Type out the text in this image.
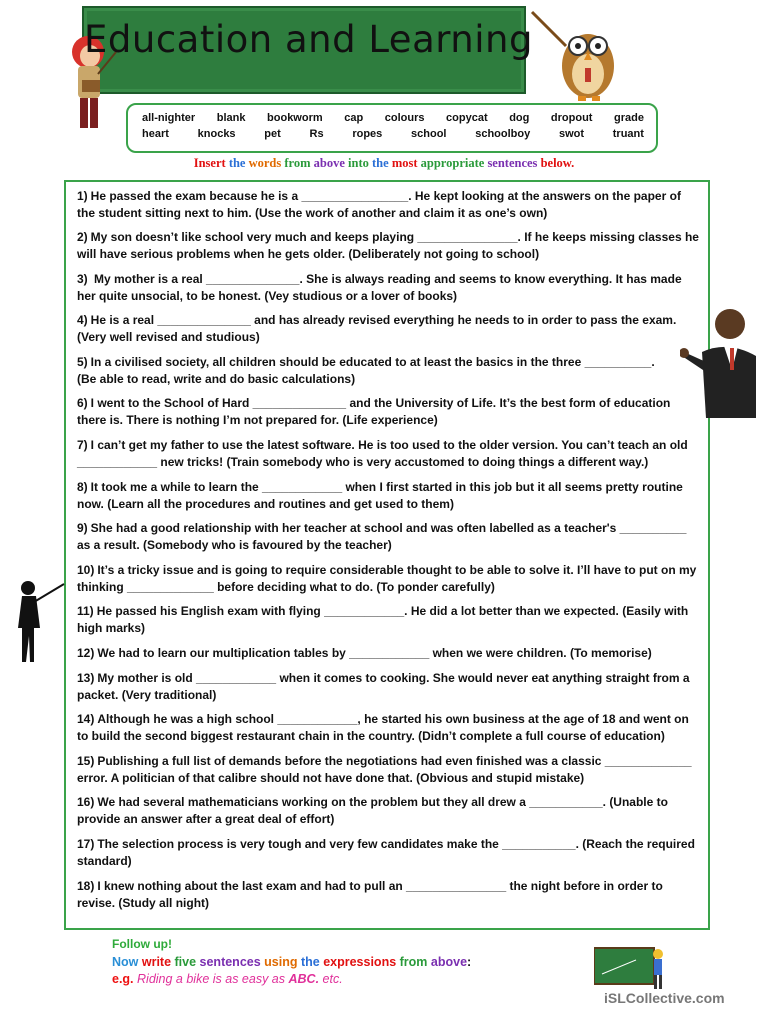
Education and Learning
all-nighter blank bookworm cap colours copycat dog dropout grade
heart	knocks	pet	Rs	ropes	school	schoolboy	swot	truant
Insert the words from above into the most appropriate sentences below.
1) He passed the exam because he is a ________________. He kept looking at the answers on the paper of the student sitting next to him. (Use the work of another and claim it as one’s own)
2) My son doesn’t like school very much and keeps playing _______________. If he keeps missing classes he will have serious problems when he gets older. (Deliberately not going to school)
3) My mother is a real ______________. She is always reading and seems to know everything. It has made her quite unsocial, to be honest. (Vey studious or a lover of books)
4) He is a real ______________ and has already revised everything he needs to in order to pass the exam. (Very well revised and studious)
5) In a civilised society, all children should be educated to at least the basics in the three __________. (Be able to read, write and do basic calculations)
6) I went to the School of Hard ______________ and the University of Life. It’s the best form of education there is. There is nothing I’m not prepared for. (Life experience)
7) I can’t get my father to use the latest software. He is too used to the older version. You can’t teach an old ____________ new tricks! (Train somebody who is very accustomed to doing things a different way.)
8) It took me a while to learn the ____________ when I first started in this job but it all seems pretty routine now. (Learn all the procedures and routines and get used to them)
9) She had a good relationship with her teacher at school and was often labelled as a teacher's __________ as a result. (Somebody who is favoured by the teacher)
10) It’s a tricky issue and is going to require considerable thought to be able to solve it. I’ll have to put on my thinking _____________ before deciding what to do. (To ponder carefully)
11) He passed his English exam with flying ____________. He did a lot better than we expected. (Easily with high marks)
12) We had to learn our multiplication tables by ____________ when we were children. (To memorise)
13) My mother is old ____________ when it comes to cooking. She would never eat anything straight from a packet. (Very traditional)
14) Although he was a high school ____________, he started his own business at the age of 18 and went on to build the second biggest restaurant chain in the country. (Didn’t complete a full course of education)
15) Publishing a full list of demands before the negotiations had even finished was a classic _____________ error. A politician of that calibre should not have done that. (Obvious and stupid mistake)
16) We had several mathematicians working on the problem but they all drew a ___________. (Unable to provide an answer after a great deal of effort)
17) The selection process is very tough and very few candidates make the ___________. (Reach the required standard)
18) I knew nothing about the last exam and had to pull an _______________ the night before in order to revise. (Study all night)
Follow up!
Now write five sentences using the expressions from above:
e.g. Riding a bike is as easy as ABC. etc.
iSLCollective.com
